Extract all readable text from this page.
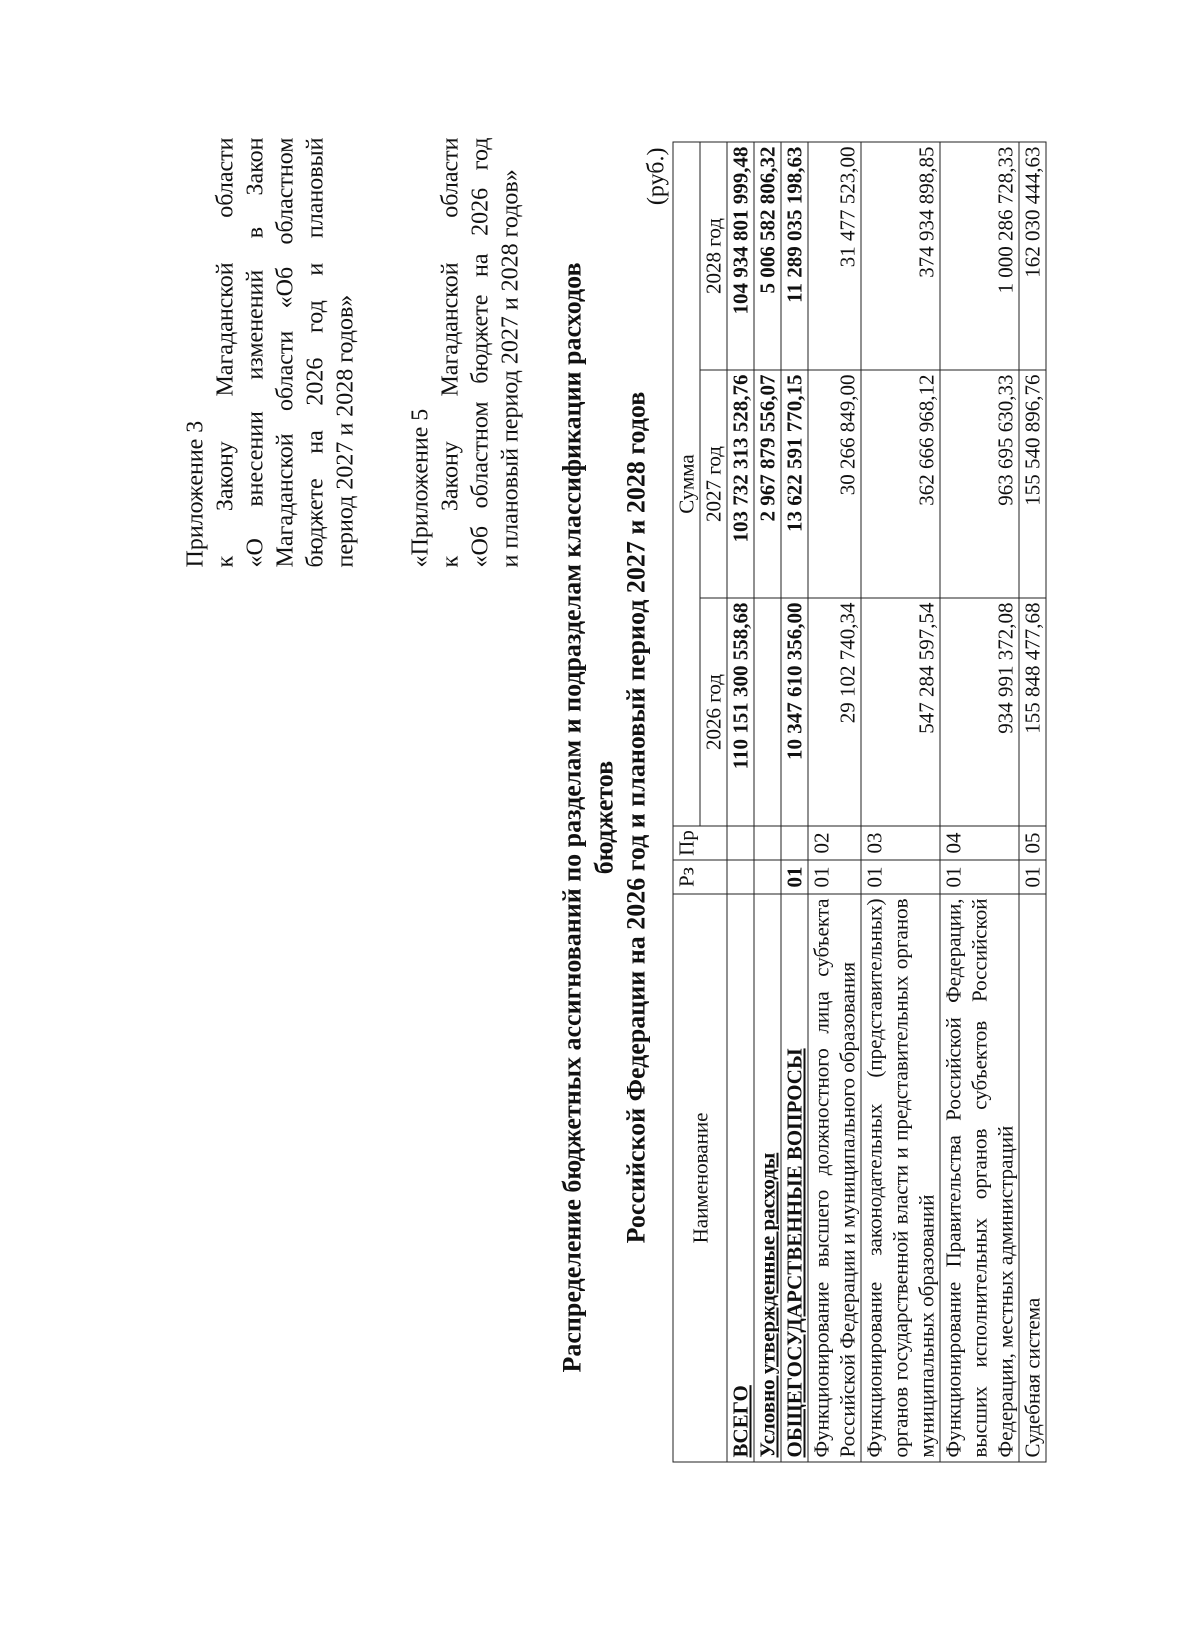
Приложение 3 к Закону Магаданской области «О внесении изменений в Закон Магаданской области «Об областном бюджете на 2026 год и плановый период 2027 и 2028 годов» «Приложение 5 к Закону Магаданской области «Об областном бюджете на 2026 год и плановый период 2027 и 2028 годов» Распределение бюджетных ассигнований по разделам и подразделам классификации расходов бюджетов Российской Федерации на 2026 год и плановый период 2027 и 2028 годов
(руб.)
Наименование	Рз	Пр	Сумма		
			2026 год	2027 год	2028 год
ВСЕГО			110 151 300 558,68	103 732 313 528,76	104 934 801 999,48
Условно утвержденные расходы				2 967 879 556,07	5 006 582 806,32
ОБЩЕГОСУДАРСТВЕННЫЕ ВОПРОСЫ	01		10 347 610 356,00	13 622 591 770,15	11 289 035 198,63
Функционирование высшего должностного лица субъекта Российской Федерации и муниципального образования	01	02	29 102 740,34	30 266 849,00	31 477 523,00
Функционирование законодательных (представительных) органов государственной власти и представительных органов муниципальных образований	01	03	547 284 597,54	362 666 968,12	374 934 898,85
Функционирование Правительства Российской Федерации, высших исполнительных органов субъектов Российской Федерации, местных администраций	01	04	934 991 372,08	963 695 630,33	1 000 286 728,33
Судебная система	01	05	155 848 477,68	155 540 896,76	162 030 444,63
